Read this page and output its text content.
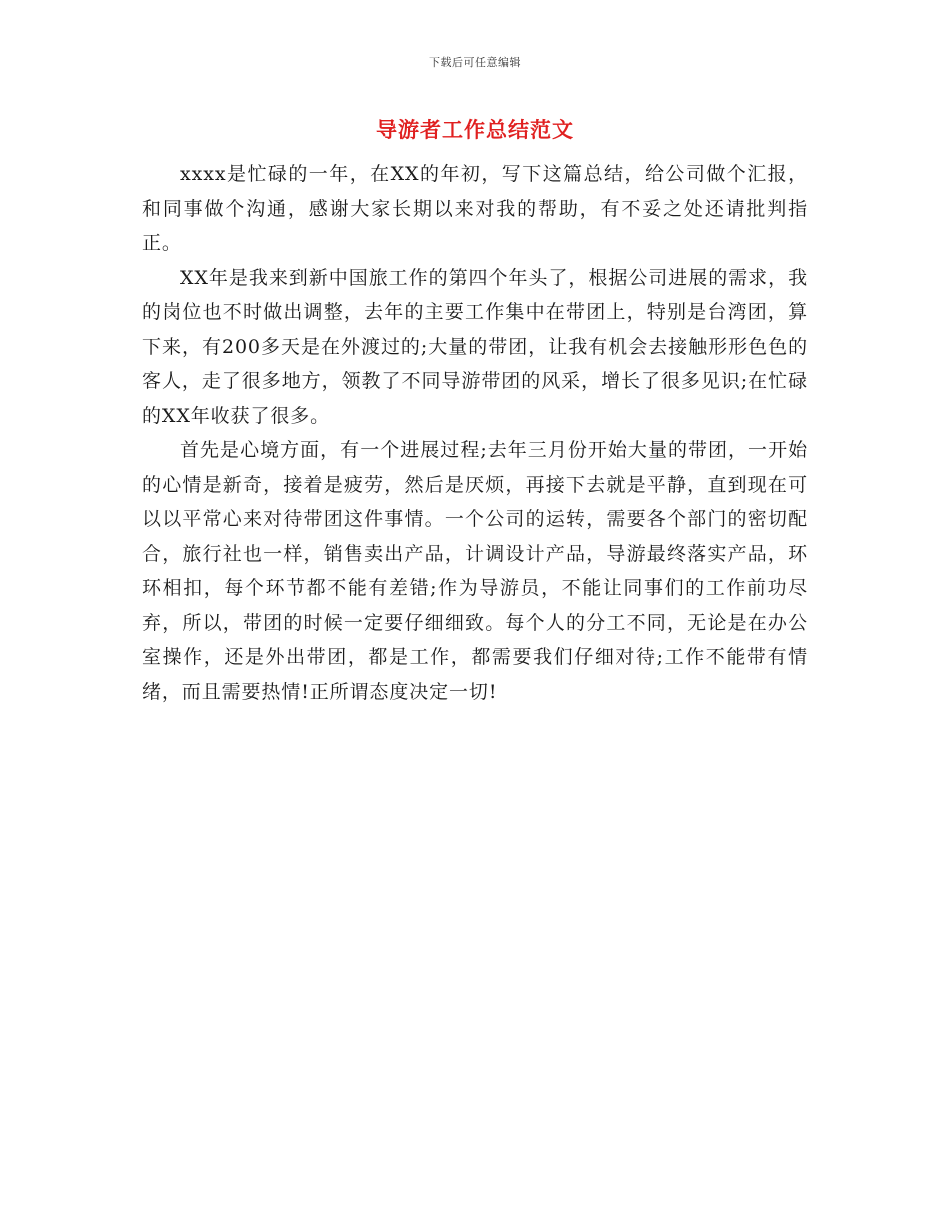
下载后可任意编辑
导游者工作总结范文

xxxx是忙碌的一年，在XX的年初，写下这篇总结，给公司做个汇报，和同事做个沟通，感谢大家长期以来对我的帮助，有不妥之处还请批判指正。

XX年是我来到新中国旅工作的第四个年头了，根据公司进展的需求，我的岗位也不时做出调整，去年的主要工作集中在带团上，特别是台湾团，算下来，有200多天是在外渡过的;大量的带团，让我有机会去接触形形色色的客人，走了很多地方，领教了不同导游带团的风采，增长了很多见识;在忙碌的XX年收获了很多。

首先是心境方面，有一个进展过程;去年三月份开始大量的带团，一开始的心情是新奇，接着是疲劳，然后是厌烦，再接下去就是平静，直到现在可以以平常心来对待带团这件事情。一个公司的运转，需要各个部门的密切配合，旅行社也一样，销售卖出产品，计调设计产品，导游最终落实产品，环环相扣，每个环节都不能有差错;作为导游员，不能让同事们的工作前功尽弃，所以，带团的时候一定要仔细细致。每个人的分工不同，无论是在办公室操作，还是外出带团，都是工作，都需要我们仔细对待;工作不能带有情绪，而且需要热情!正所谓态度决定一切!
